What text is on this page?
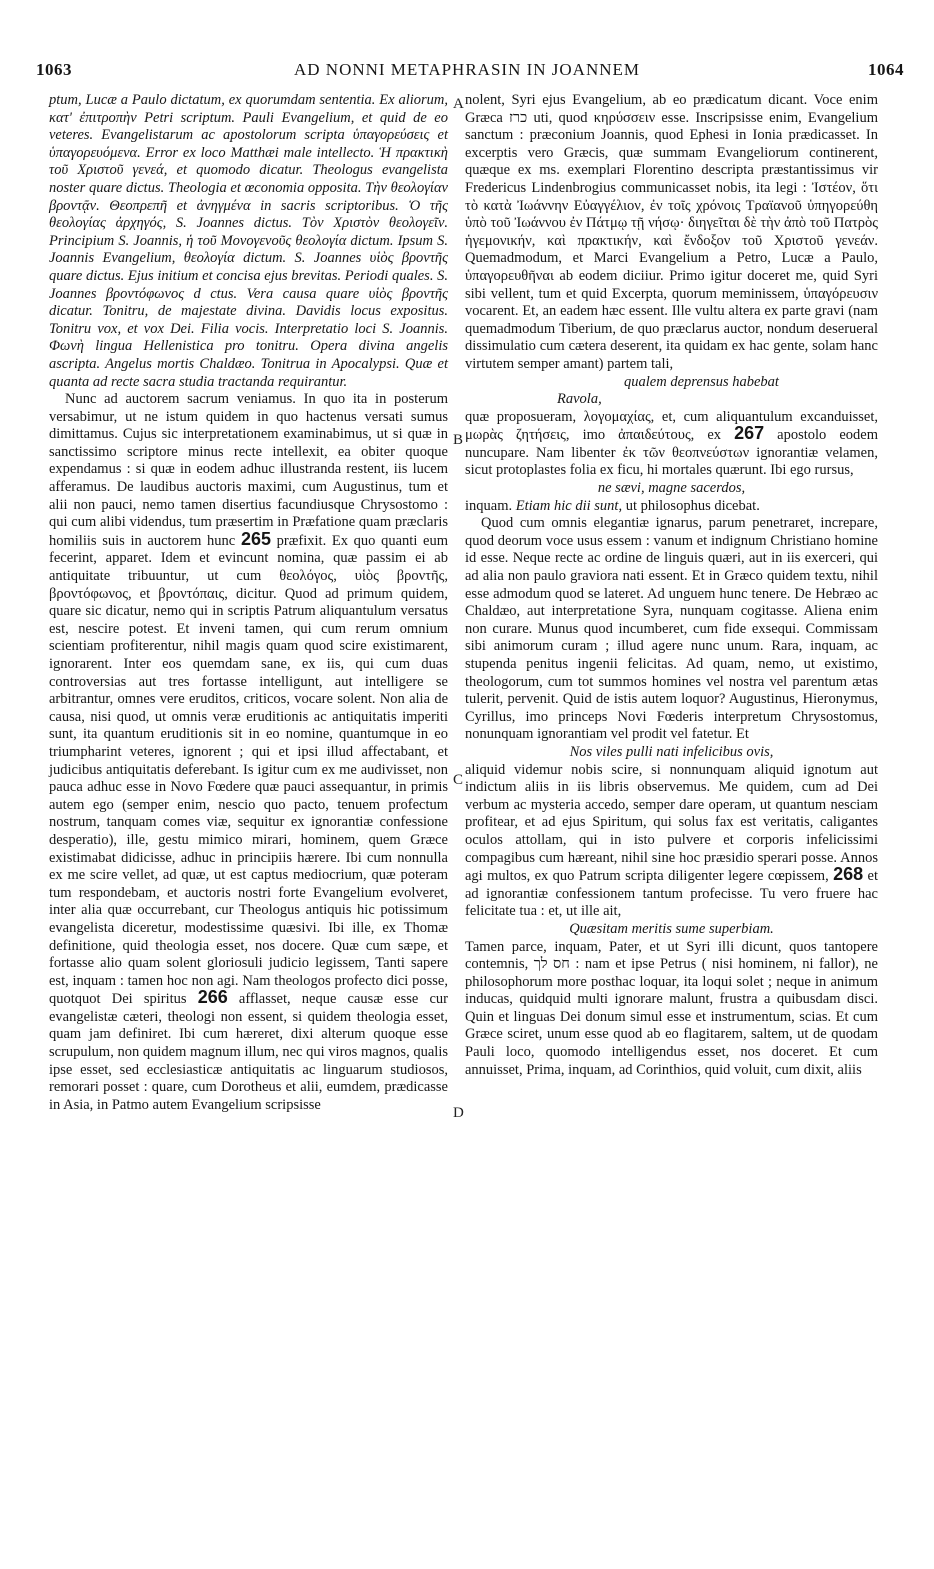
1063	AD NONNI METAPHRASIN IN JOANNEM	1064
A
B
C
D

ptum, Lucæ a Paulo dictatum, ex quorumdam sententia. Ex aliorum, κατ' ἐπιτροπὴν Petri scriptum. Pauli Evangelium, et quid de eo veteres. Evangelistarum ac apostolorum scripta ὑπαγορεύσεις et ὑπαγορευόμενα. Error ex loco Matthæi male intellecto. Ἡ πρακτικὴ τοῦ Χριστοῦ γενεά, et quomodo dicatur. Theologus evangelista noster quare dictus. Theologia et œconomia opposita. Τὴν θεολογίαν βροντᾷν. Θεοπρεπῆ et ἀνηγμένα in sacris scriptoribus. Ὁ τῆς θεολογίας ἀρχηγός, S. Joannes dictus. Τὸν Χριστὸν θεολογεῖν. Principium S. Joannis, ἡ τοῦ Μονογενοῦς θεολογία dictum. Ipsum S. Joannis Evangelium, θεολογία dictum. S. Joannes υἱὸς βροντῆς quare dictus. Ejus initium et concisa ejus brevitas. Periodi quales. S. Joannes βροντόφωνος d ctus. Vera causa quare υἱὸς βροντῆς dicatur. Tonitru, de majestate divina. Davidis locus expositus. Tonitru vox, et vox Dei. Filia vocis. Interpretatio loci S. Joannis. Φωνὴ lingua Hellenistica pro tonitru. Opera divina angelis ascripta. Angelus mortis Chaldæo. Tonitrua in Apocalypsi. Quæ et quanta ad recte sacra studia tractanda requirantur.

Nunc ad auctorem sacrum veniamus. In quo ita in posterum versabimur, ut ne istum quidem in quo hactenus versati sumus dimittamus. Cujus sic interpretationem examinabimus, ut si quæ in sanctissimo scriptore minus recte intellexit, ea obiter quoque expendamus : si quæ in eodem adhuc illustranda restent, iis lucem afferamus. De laudibus auctoris maximi, cum Augustinus, tum et alii non pauci, nemo tamen disertius facundiusque Chrysostomo : qui cum alibi videndus, tum præsertim in Præfatione quam præclaris homiliis suis in auctorem hunc 265 præfixit. Ex quo quanti eum fecerint, apparet. Idem et evincunt nomina, quæ passim ei ab antiquitate tribuuntur, ut cum θεολόγος, υἱὸς βροντῆς, βροντόφωνος, et βροντόπαις, dicitur. Quod ad primum quidem, quare sic dicatur, nemo qui in scriptis Patrum aliquantulum versatus est, nescire potest. Et inveni tamen, qui cum rerum omnium scientiam profiterentur, nihil magis quam quod scire existimarent, ignorarent. Inter eos quemdam sane, ex iis, qui cum duas controversias aut tres fortasse intelligunt, aut intelligere se arbitrantur, omnes vere eruditos, criticos, vocare solent. Non alia de causa, nisi quod, ut omnis veræ eruditionis ac antiquitatis imperiti sunt, ita quantum eruditionis sit in eo nomine, quantumque in eo triumpharint veteres, ignorent ; qui et ipsi illud affectabant, et judicibus antiquitatis deferebant. Is igitur cum ex me audivisset, non pauca adhuc esse in Novo Fœdere quæ pauci assequantur, in primis autem ego (semper enim, nescio quo pacto, tenuem profectum nostrum, tanquam comes viæ, sequitur ex ignorantiæ confessione desperatio), ille, gestu mimico mirari, hominem, quem Græce existimabat didicisse, adhuc in principiis hærere. Ibi cum nonnulla ex me scire vellet, ad quæ, ut est captus mediocrium, quæ poteram tum respondebam, et auctoris nostri forte Evangelium evolveret, inter alia quæ occurrebant, cur Theologus antiquis hic potissimum evangelista diceretur, modestissime quæsivi. Ibi ille, ex Thomæ definitione, quid theologia esset, nos docere. Quæ cum sæpe, et fortasse alio quam solent gloriosuli judicio legissem, Tanti sapere est, inquam : tamen hoc non agi. Nam theologos profecto dici posse, quotquot Dei spiritus 266 afflasset, neque causæ esse cur evangelistæ cæteri, theologi non essent, si quidem theologia esset, quam jam definiret. Ibi cum hæreret, dixi alterum quoque esse scrupulum, non quidem magnum illum, nec qui viros magnos, qualis ipse esset, sed ecclesiasticæ antiquitatis ac linguarum studiosos, remorari posset : quare, cum Dorotheus et alii, eumdem, prædicasse in Asia, in Patmo autem Evangelium scripsisse

nolent, Syri ejus Evangelium, ab eo prædicatum dicant. Voce enim Græca כרז uti, quod κηρύσσειν esse. Inscripsisse enim, Evangelium sanctum : præconium Joannis, quod Ephesi in Ionia prædicasset. In excerptis vero Græcis, quæ summam Evangeliorum continerent, quæque ex ms. exemplari Florentino descripta præstantissimus vir Fredericus Lindenbrogius communicasset nobis, ita legi : Ἰστέον, ὅτι τὸ κατὰ Ἰωάννην Εὐαγγέλιον, ἐν τοῖς χρόνοις Τραϊανοῦ ὑπηγορεύθη ὑπὸ τοῦ Ἰωάννου ἐν Πάτμῳ τῇ νήσῳ· διηγεῖται δὲ τὴν ἀπὸ τοῦ Πατρὸς ἡγεμονικήν, καὶ πρακτικήν, καὶ ἔνδοξον τοῦ Χριστοῦ γενεάν. Quemadmodum, et Marci Evangelium a Petro, Lucæ a Paulo, ὑπαγορευθῆναι ab eodem diciiur. Primo igitur doceret me, quid Syri sibi vellent, tum et quid Excerpta, quorum meminissem, ὑπαγόρευσιν vocarent. Et, an eadem hæc essent. Ille vultu altera ex parte gravi (nam quemadmodum Tiberium, de quo præclarus auctor, nondum deserueral dissimulatio cum cætera deserent, ita quidam ex hac gente, solam hanc virtutem semper amant) partem tali,

qualem deprensus habebat

Ravola,

quæ proposueram, λογομαχίας, et, cum aliquantulum excanduisset, μωρὰς ζητήσεις, imo ἀπαιδεύτους, ex 267 apostolo eodem nuncupare. Nam libenter ἐκ τῶν θεοπνεύστων ignorantiæ velamen, sicut protoplastes folia ex ficu, hi mortales quærunt. Ibi ego rursus,

ne sævi, magne sacerdos,

inquam. Etiam hic dii sunt, ut philosophus dicebat.

Quod cum omnis elegantiæ ignarus, parum penetraret, increpare, quod deorum voce usus essem : vanum et indignum Christiano homine id esse. Neque recte ac ordine de linguis quæri, aut in iis exerceri, qui ad alia non paulo graviora nati essent. Et in Græco quidem textu, nihil esse admodum quod se lateret. Ad unguem hunc tenere. De Hebræo ac Chaldæo, aut interpretatione Syra, nunquam cogitasse. Aliena enim non curare. Munus quod incumberet, cum fide exsequi. Commissam sibi animorum curam ; illud agere nunc unum. Rara, inquam, ac stupenda penitus ingenii felicitas. Ad quam, nemo, ut existimo, theologorum, cum tot summos homines vel nostra vel parentum ætas tulerit, pervenit. Quid de istis autem loquor? Augustinus, Hieronymus, Cyrillus, imo princeps Novi Fœderis interpretum Chrysostomus, nonunquam ignorantiam vel prodit vel fatetur. Et

Nos viles pulli nati infelicibus ovis,

aliquid videmur nobis scire, si nonnunquam aliquid ignotum aut indictum aliis in iis libris observemus. Me quidem, cum ad Dei verbum ac mysteria accedo, semper dare operam, ut quantum nesciam profitear, et ad ejus Spiritum, qui solus fax est veritatis, caligantes oculos attollam, qui in isto pulvere et corporis infelicissimi compagibus cum hæreant, nihil sine hoc præsidio sperari posse. Annos agi multos, ex quo Patrum scripta diligenter legere cœpissem, 268 et ad ignorantiæ confessionem tantum profecisse. Tu vero fruere hac felicitate tua : et, ut ille ait,

Quæsitam meritis sume superbiam.

Tamen parce, inquam, Pater, et ut Syri illi dicunt, quos tantopere contemnis, חס לך : nam et ipse Petrus ( nisi hominem, ni fallor), ne philosophorum more posthac loquar, ita loqui solet ; neque in animum inducas, quidquid multi ignorare malunt, frustra a quibusdam disci. Quin et linguas Dei donum simul esse et instrumentum, scias. Et cum Græce sciret, unum esse quod ab eo flagitarem, saltem, ut de quodam Pauli loco, quomodo intelligendus esset, nos doceret. Et cum annuisset, Prima, inquam, ad Corinthios, quid voluit, cum dixit, aliis
